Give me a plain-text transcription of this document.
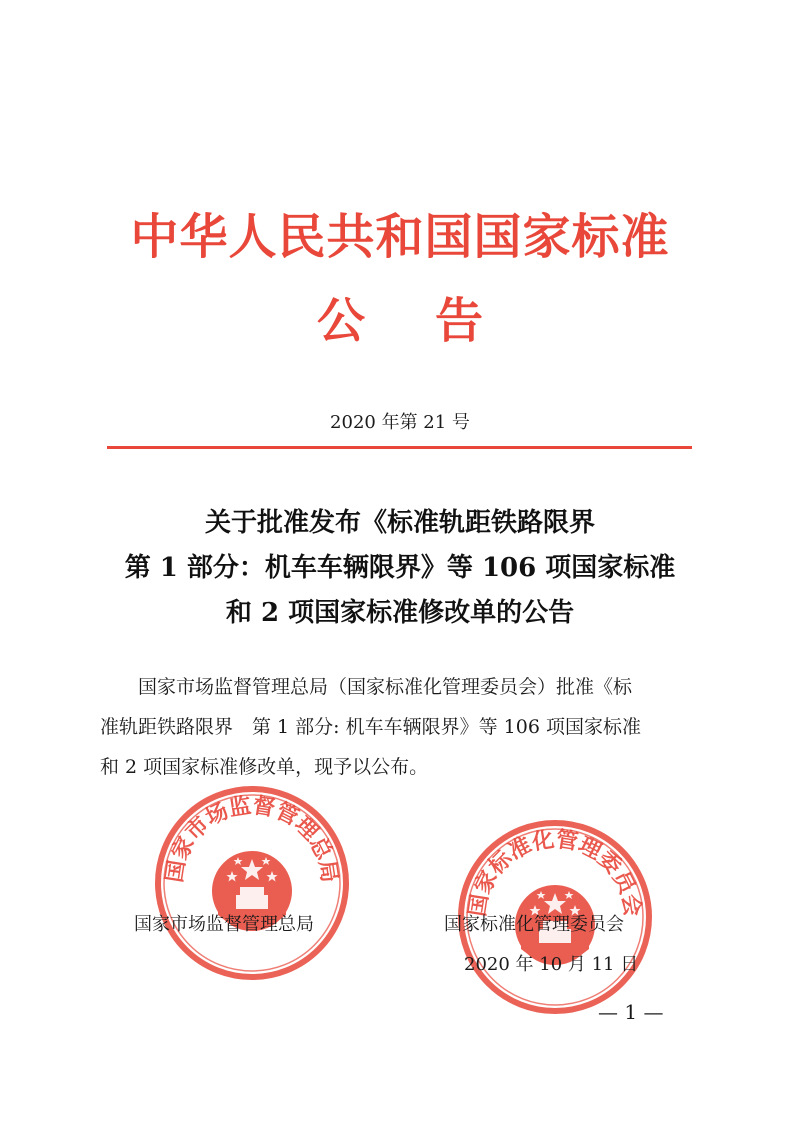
中华人民共和国国家标准
公告
2020 年第 21 号
关于批准发布《标准轨距铁路限界
第 1 部分：机车车辆限界》等 106 项国家标准
和 2 项国家标准修改单的公告
国家市场监督管理总局（国家标准化管理委员会）批准《标
准轨距铁路限界　第 1 部分: 机车车辆限界》等 106 项国家标准
和 2 项国家标准修改单，现予以公布。
国家市场监督管理总局
国家标准化管理委员会
国家市场监督管理总局	国家标准化管理委员会
2020 年 10 月 11 日
— 1 —
